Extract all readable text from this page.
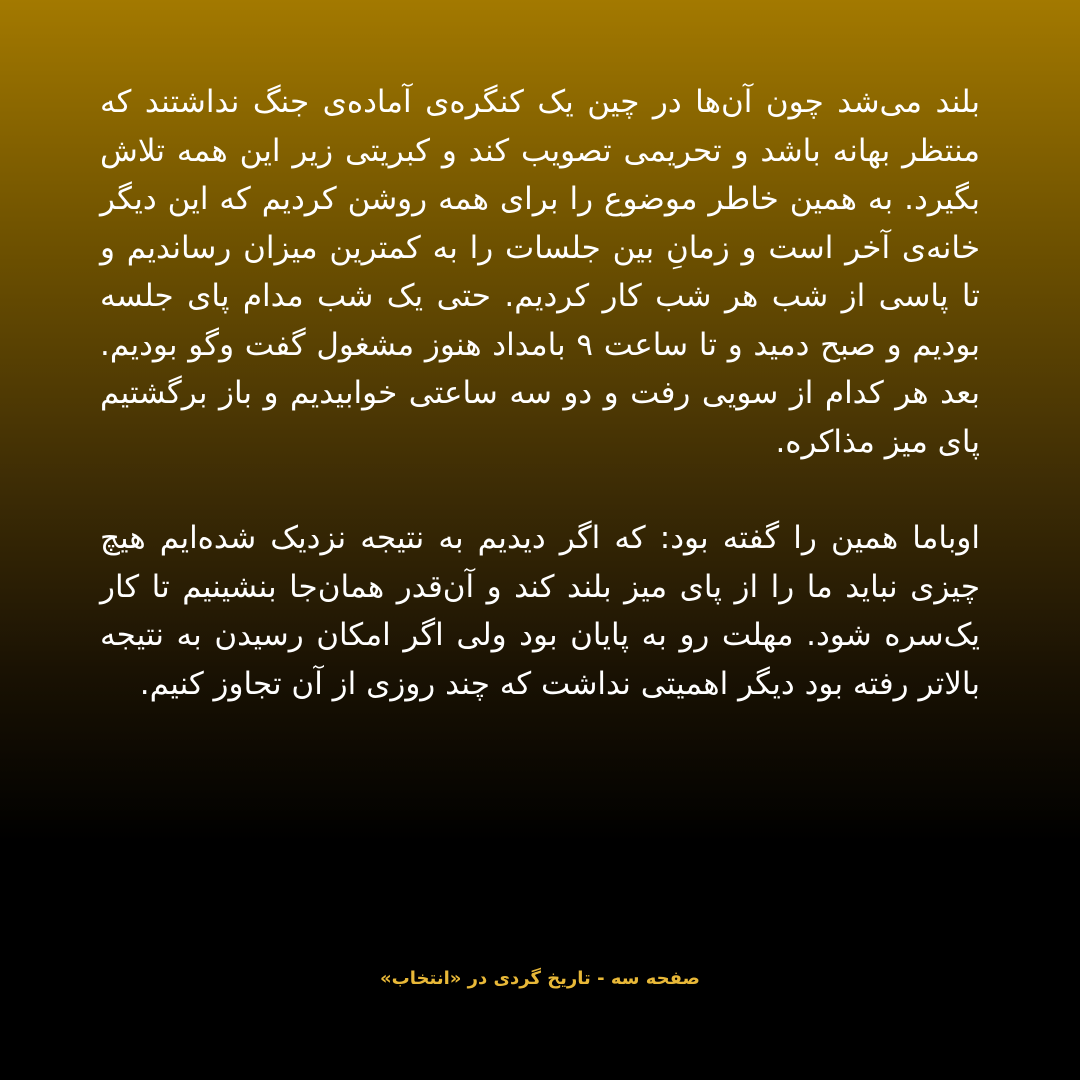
بلند می‌شد چون آن‌ها در چین یک کنگره‌ی آماده‌ی جنگ نداشتند که منتظر بهانه باشد و تحریمی تصویب کند و کبریتی زیر این همه تلاش بگیرد. به همین خاطر موضوع را برای همه روشن کردیم که این دیگر خانه‌ی آخر است و زمانِ بین جلسات را به کمترین میزان رساندیم و تا پاسی از شب هر شب کار کردیم. حتی یک شب مدام پای جلسه بودیم و صبح دمید و تا ساعت ۹ بامداد هنوز مشغول گفت وگو بودیم. بعد هر کدام از سویی رفت و دو سه ساعتی خوابیدیم و باز برگشتیم پای میز مذاکره.

اوباما همین را گفته بود: که اگر دیدیم به نتیجه نزدیک شده‌ایم هیچ چیزی نباید ما را از پای میز بلند کند و آن‌قدر همان‌جا بنشینیم تا کار یک‌سره شود. مهلت رو به پایان بود ولی اگر امکان رسیدن به نتیجه بالاتر رفته بود دیگر اهمیتی نداشت که چند روزی از آن تجاوز کنیم.

صفحه سه - تاریخ گردی در «انتخاب»
